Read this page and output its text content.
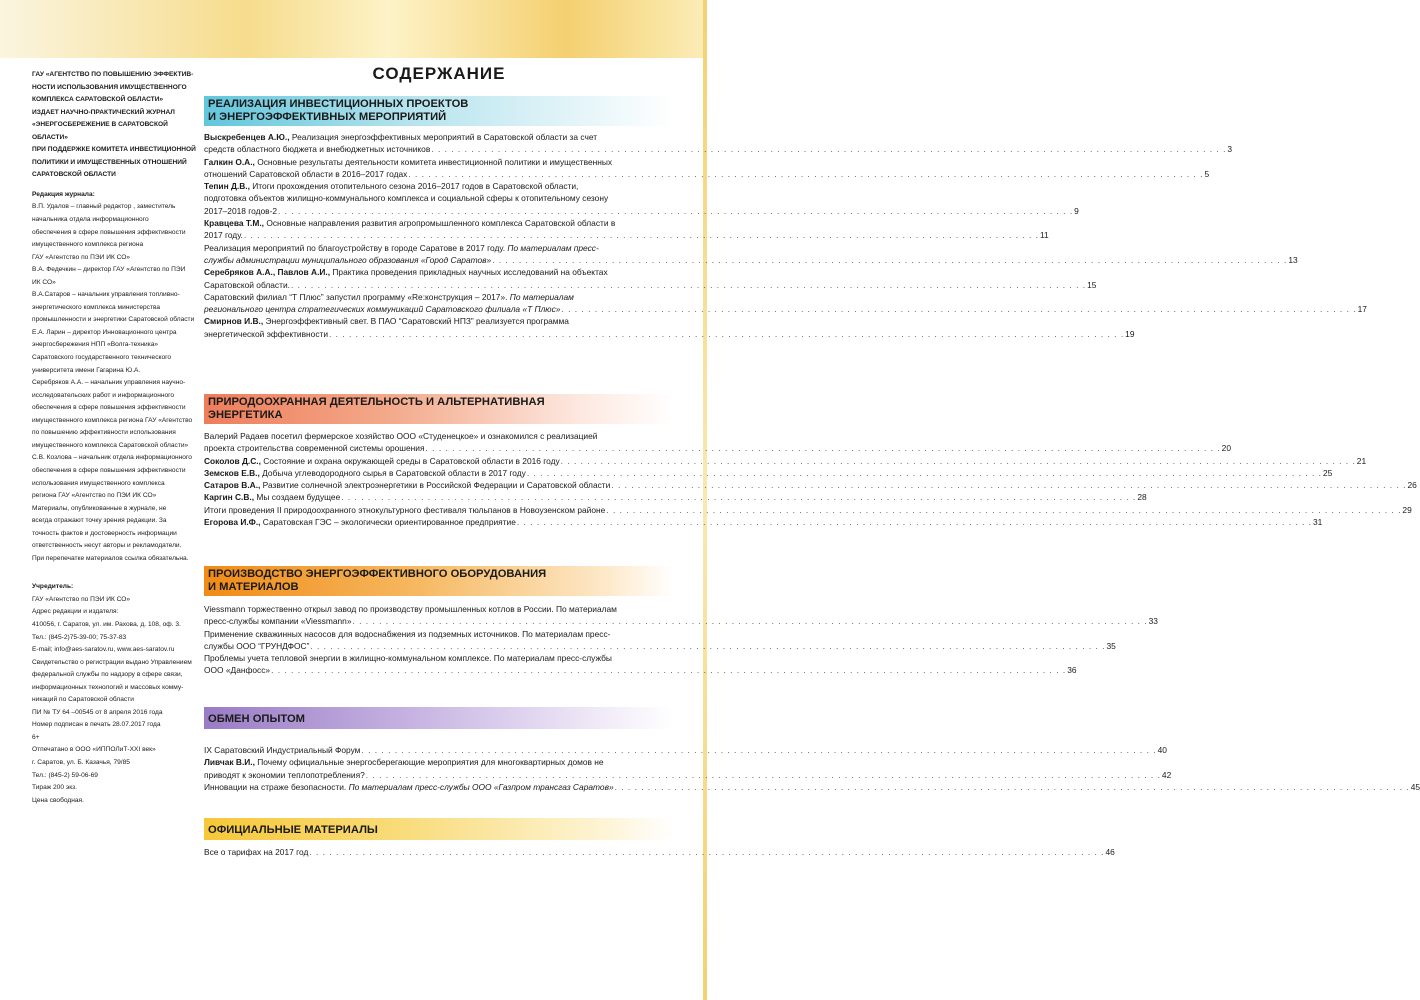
ГАУ «АГЕНТСТВО ПО ПОВЫШЕНИЮ ЭФФЕКТИВ-

НОСТИ ИСПОЛЬЗОВАНИЯ ИМУЩЕСТВЕННОГО

КОМПЛЕКСА САРАТОВСКОЙ ОБЛАСТИ»

ИЗДАЕТ НАУЧНО-ПРАКТИЧЕСКИЙ ЖУРНАЛ

«ЭНЕРГОСБЕРЕЖЕНИЕ В САРАТОВСКОЙ ОБЛАСТИ»

ПРИ ПОДДЕРЖКЕ КОМИТЕТА ИНВЕСТИЦИОННОЙ

ПОЛИТИКИ И ИМУЩЕСТВЕННЫХ ОТНОШЕНИЙ

САРАТОВСКОЙ ОБЛАСТИ

Редакция журнала:

В.П. Удалов – главный редактор , заместитель

начальника отдела информационного

обеспечения в сфере повышения эффективности

имущественного комплекса региона

ГАУ «Агентство по ПЭИ ИК СО»

В.А. Федечкин – директор ГАУ «Агентство по ПЭИ

ИК СО»

В.А.Сатаров – начальник управления топливно-

энергетического комплекса министерства

промышленности и энергетики Саратовской области

Е.А. Ларин – директор Инновационного центра

энергосбережения НПП «Волга-техника»

Саратовского государственного технического

университета имени Гагарина Ю.А.

Серебряков А.А. – начальник управления научно-

исследовательских работ и информационного

обеспечения в сфере повышения эффективности

имущественного комплекса региона ГАУ «Агентство

по повышению эффективности использования

имущественного комплекса Саратовской области»

С.В. Козлова – начальник отдела информационного

обеспечения в сфере повышения эффективности

использования имущественного комплекса

региона ГАУ «Агентство по ПЭИ ИК СО»

Материалы, опубликованные в журнале, не

всегда отражают точку зрения редакции. За

точность фактов и достоверность информации

ответственность несут авторы и рекламодатели.

При перепечатке материалов ссылка обязательна.

Учредитель:

ГАУ «Агентство по ПЭИ ИК СО»

Адрес редакции и издателя:

410056, г. Саратов, ул. им. Рахова, д. 108, оф. 3.

Тел.: (845-2)75-39-00; 75-37-83

E-mail; info@aes-saratov.ru, www.aes-saratov.ru

Свидетельство о регистрации выдано Управлением

федеральной службы по надзору в сфере связи,

информационных технологий и массовых комму-

никаций по Саратовской области

ПИ № ТУ 64 –00545 от 8 апреля 2016 года

Номер подписан в печать 28.07.2017 года

6+

Отпечатано в ООО «ИППОЛиТ-XXI век»

г. Саратов, ул. Б. Казачья, 79/85

Тел.: (845-2) 59-06-69

Тираж 200 экз.

Цена свободная.

СОДЕРЖАНИЕ
РЕАЛИЗАЦИЯ ИНВЕСТИЦИОННЫХ ПРОЕКТОВ
И ЭНЕРГОЭФФЕКТИВНЫХ МЕРОПРИЯТИЙ
Выскребенцев А.Ю., Реализация энергоэффективных мероприятий в Саратовской области за счет
средств областного бюджета и внебюджетных источников . . . . . . . . . . . . . . . . . . . . . . . . . . . . . . . . . . . . . . . . . . . . . . . . . . . . . . . . . . . . . . . . . . . . . . . . . . . . . . . . . . . . . . . . . . . . . . . . . . . . . . . . . . . . . . . . . . . . . . . . 3
Галкин О.А., Основные результаты деятельности комитета инвестиционной политики и имущественных
отношений Саратовской области в 2016–2017 годах . . . . . . . . . . . . . . . . . . . . . . . . . . . . . . . . . . . . . . . . . . . . . . . . . . . . . . . . . . . . . . . . . . . . . . . . . . . . . . . . . . . . . . . . . . . . . . . . . . . . . . . . . . . . . . . . . . . . . . . . 5
Тепин Д.В., Итоги прохождения отопительного сезона 2016–2017 годов в Саратовской области,
подготовка объектов жилищно-коммунального комплекса и социальной сферы к отопительному сезону
2017–2018 годов-2 . . . . . . . . . . . . . . . . . . . . . . . . . . . . . . . . . . . . . . . . . . . . . . . . . . . . . . . . . . . . . . . . . . . . . . . . . . . . . . . . . . . . . . . . . . . . . . . . . . . . . . . . . . . . . . . . . . . . . . . . 9
Кравцева Т.М., Основные направления развития агропромышленного комплекса Саратовской области в
2017 году. . . . . . . . . . . . . . . . . . . . . . . . . . . . . . . . . . . . . . . . . . . . . . . . . . . . . . . . . . . . . . . . . . . . . . . . . . . . . . . . . . . . . . . . . . . . . . . . . . . . . . . . . . . . . . . . . . . . . . . . . 11
Реализация мероприятий по благоустройству в городе Саратове в 2017 году. По материалам пресс-
службы администрации муниципального образования «Город Саратов» . . . . . . . . . . . . . . . . . . . . . . . . . . . . . . . . . . . . . . . . . . . . . . . . . . . . . . . . . . . . . . . . . . . . . . . . . . . . . . . . . . . . . . . . . . . . . . . . . . . . . . . . . . . . . . . . . . . . . . . . 13
Серебряков А.А., Павлов А.И., Практика проведения прикладных научных исследований на объектах
Саратовской области. . . . . . . . . . . . . . . . . . . . . . . . . . . . . . . . . . . . . . . . . . . . . . . . . . . . . . . . . . . . . . . . . . . . . . . . . . . . . . . . . . . . . . . . . . . . . . . . . . . . . . . . . . . . . . . . . . . . . . . . . 15
Саратовский филиал “Т Плюс” запустил программу «Re:конструкция – 2017». По материалам
регионального центра стратегических коммуникаций Саратовского филиала «Т Плюс» . . . . . . . . . . . . . . . . . . . . . . . . . . . . . . . . . . . . . . . . . . . . . . . . . . . . . . . . . . . . . . . . . . . . . . . . . . . . . . . . . . . . . . . . . . . . . . . . . . . . . . . . . . . . . . . . . . . . . . . . 17
Смирнов И.В., Энергоэффективный свет. В ПАО “Саратовский НПЗ” реализуется программа
энергетической эффективности . . . . . . . . . . . . . . . . . . . . . . . . . . . . . . . . . . . . . . . . . . . . . . . . . . . . . . . . . . . . . . . . . . . . . . . . . . . . . . . . . . . . . . . . . . . . . . . . . . . . . . . . . . . . . . . . . . . . . . . . 19
ПРИРОДООХРАННАЯ ДЕЯТЕЛЬНОСТЬ И АЛЬТЕРНАТИВНАЯ
ЭНЕРГЕТИКА
Валерий Радаев посетил фермерское хозяйство ООО «Студенецкое» и ознакомился с реализацией
проекта строительства современной системы орошения . . . . . . . . . . . . . . . . . . . . . . . . . . . . . . . . . . . . . . . . . . . . . . . . . . . . . . . . . . . . . . . . . . . . . . . . . . . . . . . . . . . . . . . . . . . . . . . . . . . . . . . . . . . . . . . . . . . . . . . . 20
Соколов Д.С., Состояние и охрана окружающей среды в Саратовской области в 2016 году . . . . . . . . . . . . . . . . . . . . . . . . . . . . . . . . . . . . . . . . . . . . . . . . . . . . . . . . . . . . . . . . . . . . . . . . . . . . . . . . . . . . . . . . . . . . . . . . . . . . . . . . . . . . . . . . . . . . . . . . 21
Земсков Е.В., Добыча углеводородного сырья в Саратовской области в 2017 году . . . . . . . . . . . . . . . . . . . . . . . . . . . . . . . . . . . . . . . . . . . . . . . . . . . . . . . . . . . . . . . . . . . . . . . . . . . . . . . . . . . . . . . . . . . . . . . . . . . . . . . . . . . . . . . . . . . . . . . . 25
Сатаров В.А., Развитие солнечной электроэнергетики в Российской Федерации и Саратовской области . . . . . . . . . . . . . . . . . . . . . . . . . . . . . . . . . . . . . . . . . . . . . . . . . . . . . . . . . . . . . . . . . . . . . . . . . . . . . . . . . . . . . . . . . . . . . . . . . . . . . . . . . . . . . . . . . . . . . . . . 26
Каргин С.В., Мы создаем будущее . . . . . . . . . . . . . . . . . . . . . . . . . . . . . . . . . . . . . . . . . . . . . . . . . . . . . . . . . . . . . . . . . . . . . . . . . . . . . . . . . . . . . . . . . . . . . . . . . . . . . . . . . . . . . . . . . . . . . . . . 28
Итоги проведения II природоохранного этнокультурного фестиваля тюльпанов в Новоузенском районе . . . . . . . . . . . . . . . . . . . . . . . . . . . . . . . . . . . . . . . . . . . . . . . . . . . . . . . . . . . . . . . . . . . . . . . . . . . . . . . . . . . . . . . . . . . . . . . . . . . . . . . . . . . . . . . . . . . . . . . . 29
Егорова И.Ф., Саратовская ГЭС – экологически ориентированное предприятие . . . . . . . . . . . . . . . . . . . . . . . . . . . . . . . . . . . . . . . . . . . . . . . . . . . . . . . . . . . . . . . . . . . . . . . . . . . . . . . . . . . . . . . . . . . . . . . . . . . . . . . . . . . . . . . . . . . . . . . . 31
ПРОИЗВОДСТВО ЭНЕРГОЭФФЕКТИВНОГО ОБОРУДОВАНИЯ
И МАТЕРИАЛОВ
Viessmann торжественно открыл завод по производству промышленных котлов в России. По материалам
пресс-службы компании «Viessmann» . . . . . . . . . . . . . . . . . . . . . . . . . . . . . . . . . . . . . . . . . . . . . . . . . . . . . . . . . . . . . . . . . . . . . . . . . . . . . . . . . . . . . . . . . . . . . . . . . . . . . . . . . . . . . . . . . . . . . . . . 33
Применение скважинных насосов для водоснабжения из подземных источников. По материалам пресс-
службы ООО “ГРУНДФОС” . . . . . . . . . . . . . . . . . . . . . . . . . . . . . . . . . . . . . . . . . . . . . . . . . . . . . . . . . . . . . . . . . . . . . . . . . . . . . . . . . . . . . . . . . . . . . . . . . . . . . . . . . . . . . . . . . . . . . . . . 35
Проблемы учета тепловой энергии в жилищно-коммунальном комплексе. По материалам пресс-службы
ООО «Данфосс» . . . . . . . . . . . . . . . . . . . . . . . . . . . . . . . . . . . . . . . . . . . . . . . . . . . . . . . . . . . . . . . . . . . . . . . . . . . . . . . . . . . . . . . . . . . . . . . . . . . . . . . . . . . . . . . . . . . . . . . . 36
ОБМЕН ОПЫТОМ
IX Саратовский Индустриальный Форум . . . . . . . . . . . . . . . . . . . . . . . . . . . . . . . . . . . . . . . . . . . . . . . . . . . . . . . . . . . . . . . . . . . . . . . . . . . . . . . . . . . . . . . . . . . . . . . . . . . . . . . . . . . . . . . . . . . . . . . . 40
Ливчак В.И., Почему официальные энергосберегающие мероприятия для многоквартирных домов не
приводят к экономии теплопотребления? . . . . . . . . . . . . . . . . . . . . . . . . . . . . . . . . . . . . . . . . . . . . . . . . . . . . . . . . . . . . . . . . . . . . . . . . . . . . . . . . . . . . . . . . . . . . . . . . . . . . . . . . . . . . . . . . . . . . . . . . 42
Инновации на страже безопасности. По материалам пресс-службы ООО «Газпром трансгаз Саратов» . . . . . . . . . . . . . . . . . . . . . . . . . . . . . . . . . . . . . . . . . . . . . . . . . . . . . . . . . . . . . . . . . . . . . . . . . . . . . . . . . . . . . . . . . . . . . . . . . . . . . . . . . . . . . . . . . . . . . . . . 45
ОФИЦИАЛЬНЫЕ МАТЕРИАЛЫ
Все о тарифах на 2017 год . . . . . . . . . . . . . . . . . . . . . . . . . . . . . . . . . . . . . . . . . . . . . . . . . . . . . . . . . . . . . . . . . . . . . . . . . . . . . . . . . . . . . . . . . . . . . . . . . . . . . . . . . . . . . . . . . . . . . . . . 46
